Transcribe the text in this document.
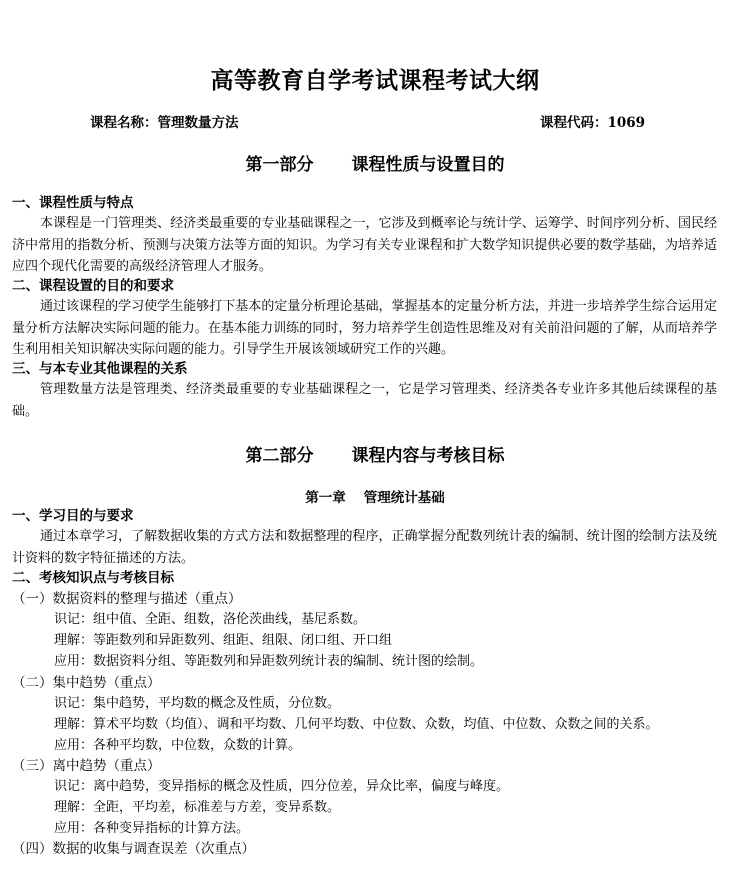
高等教育自学考试课程考试大纲
课程名称：管理数量方法	课程代码：1069
第一部分 课程性质与设置目的
一、课程性质与特点

本课程是一门管理类、经济类最重要的专业基础课程之一，它涉及到概率论与统计学、运筹学、时间序列分析、国民经济中常用的指数分析、预测与决策方法等方面的知识。为学习有关专业课程和扩大数学知识提供必要的数学基础，为培养适应四个现代化需要的高级经济管理人才服务。

二、课程设置的目的和要求

通过该课程的学习使学生能够打下基本的定量分析理论基础，掌握基本的定量分析方法，并进一步培养学生综合运用定量分析方法解决实际问题的能力。在基本能力训练的同时，努力培养学生创造性思维及对有关前沿问题的了解，从而培养学生利用相关知识解决实际问题的能力。引导学生开展该领域研究工作的兴趣。

三、与本专业其他课程的关系

管理数量方法是管理类、经济类最重要的专业基础课程之一，它是学习管理类、经济类各专业许多其他后续课程的基础。

第二部分 课程内容与考核目标
第一章 管理统计基础
一、学习目的与要求

通过本章学习，了解数据收集的方式方法和数据整理的程序，正确掌握分配数列统计表的编制、统计图的绘制方法及统计资料的数字特征描述的方法。

二、考核知识点与考核目标
（一）数据资料的整理与描述（重点）
识记：组中值、全距、组数，洛伦茨曲线，基尼系数。
理解：等距数列和异距数列、组距、组限、闭口组、开口组
应用：数据资料分组、等距数列和异距数列统计表的编制、统计图的绘制。
（二）集中趋势（重点）
识记：集中趋势，平均数的概念及性质，分位数。
理解：算术平均数（均值）、调和平均数、几何平均数、中位数、众数，均值、中位数、众数之间的关系。
应用：各种平均数，中位数，众数的计算。
（三）离中趋势（重点）
识记：离中趋势，变异指标的概念及性质，四分位差，异众比率，偏度与峰度。
理解：全距，平均差，标准差与方差，变异系数。
应用：各种变异指标的计算方法。
（四）数据的收集与调查误差（次重点）
